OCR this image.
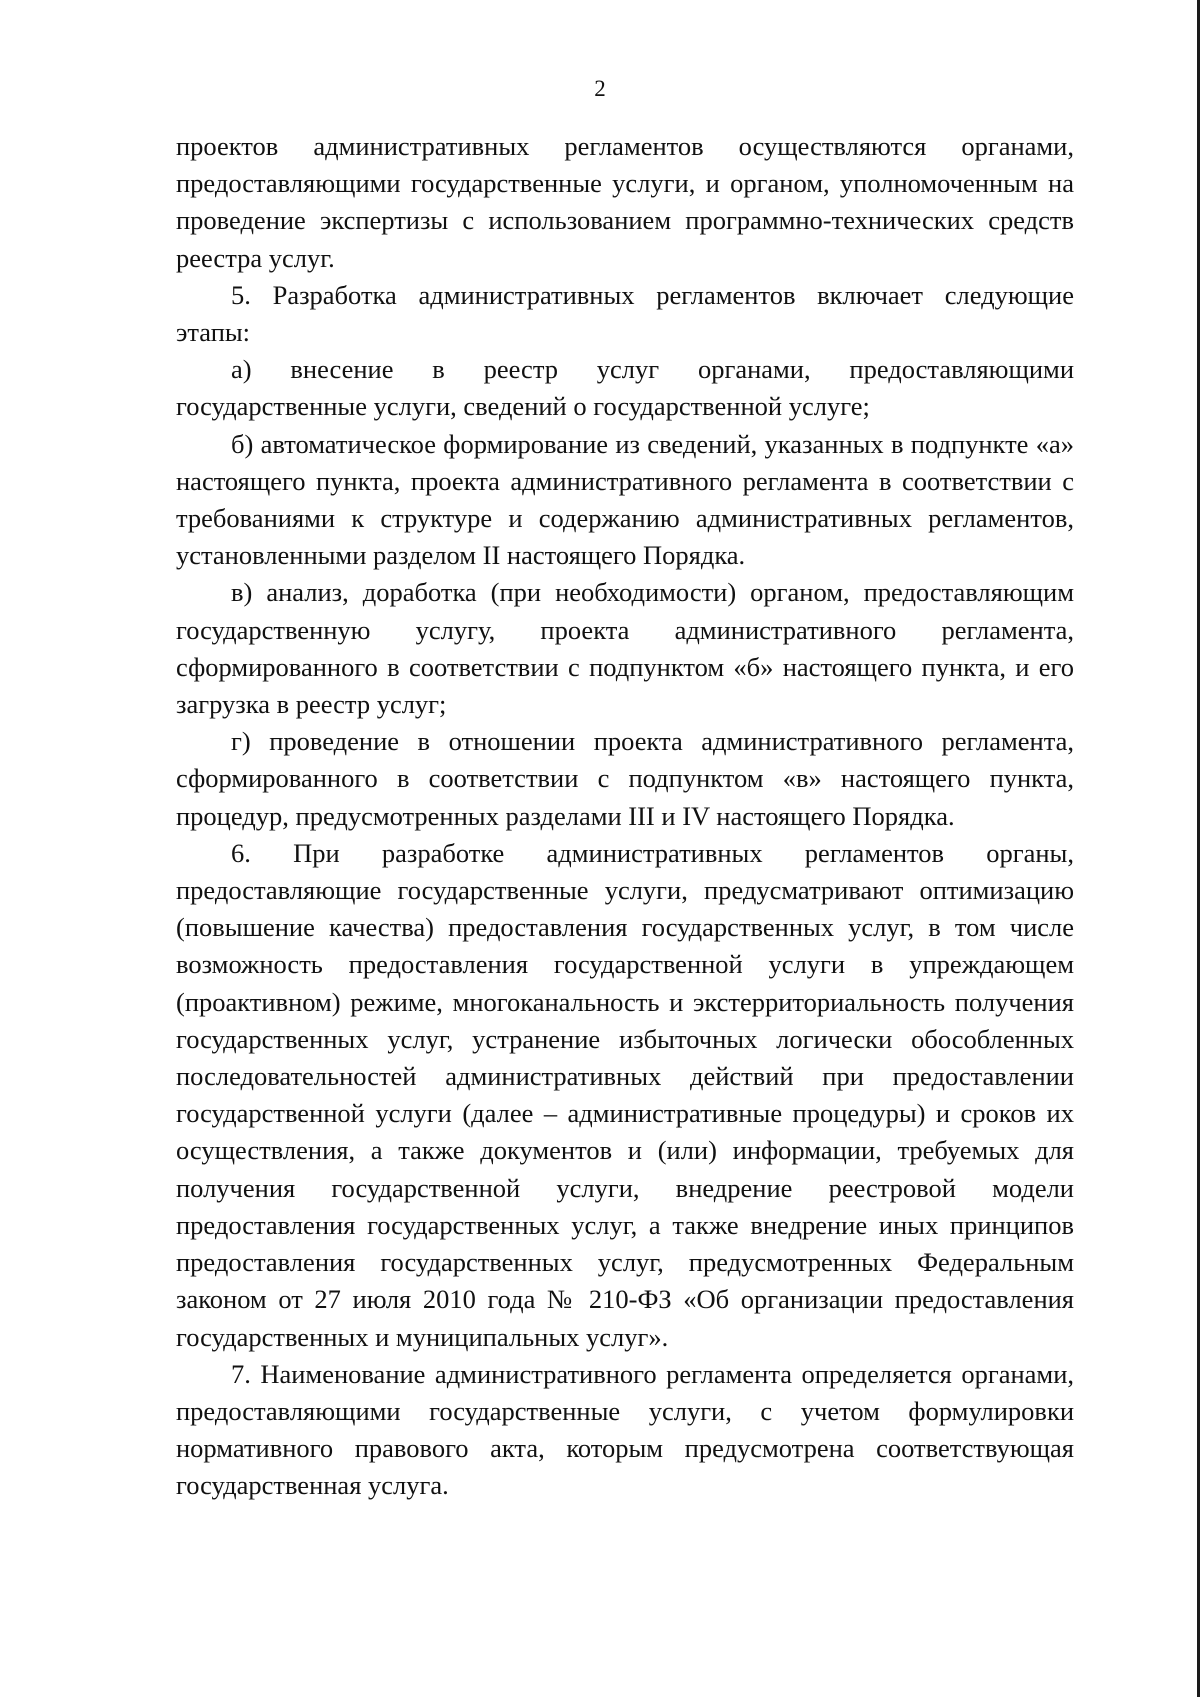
2

проектов административных регламентов осуществляются органами, предоставляющими государственные услуги, и органом, уполномоченным на проведение экспертизы с использованием программно-технических средств реестра услуг.

5. Разработка административных регламентов включает следующие этапы:

а) внесение в реестр услуг органами, предоставляющими государственные услуги, сведений о государственной услуге;

б) автоматическое формирование из сведений, указанных в подпункте «а» настоящего пункта, проекта административного регламента в соответствии с требованиями к структуре и содержанию административных регламентов, установленными разделом II настоящего Порядка.

в) анализ, доработка (при необходимости) органом, предоставляющим государственную услугу, проекта административного регламента, сформированного в соответствии с подпунктом «б» настоящего пункта, и его загрузка в реестр услуг;

г) проведение в отношении проекта административного регламента, сформированного в соответствии с подпунктом «в» настоящего пункта, процедур, предусмотренных разделами III и IV настоящего Порядка.

6. При разработке административных регламентов органы, предоставляющие государственные услуги, предусматривают оптимизацию (повышение качества) предоставления государственных услуг, в том числе возможность предоставления государственной услуги в упреждающем (проактивном) режиме, многоканальность и экстерриториальность получения государственных услуг, устранение избыточных логически обособленных последовательностей административных действий при предоставлении государственной услуги (далее – административные процедуры) и сроков их осуществления, а также документов и (или) информации, требуемых для получения государственной услуги, внедрение реестровой модели предоставления государственных услуг, а также внедрение иных принципов предоставления государственных услуг, предусмотренных Федеральным законом от 27 июля 2010 года № 210-ФЗ «Об организации предоставления государственных и муниципальных услуг».

7. Наименование административного регламента определяется органами, предоставляющими государственные услуги, с учетом формулировки нормативного правового акта, которым предусмотрена соответствующая государственная услуга.
